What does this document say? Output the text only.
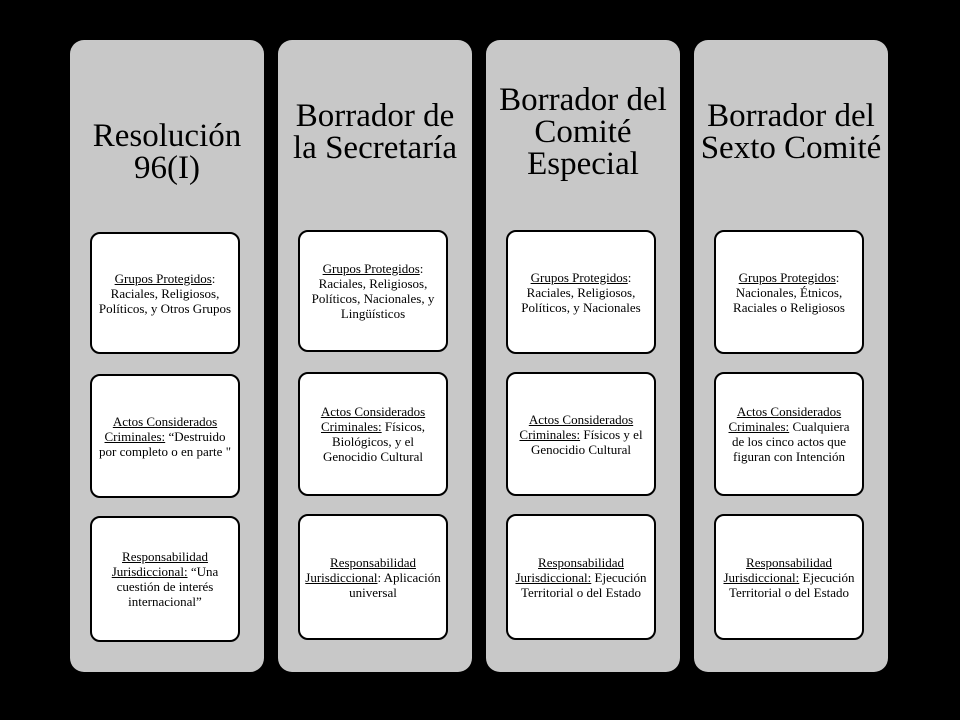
Resolución 96(I)
Grupos Protegidos: Raciales, Religiosos, Políticos, y Otros Grupos
Actos Considerados Criminales: “Destruido por completo o en parte "
Responsabilidad Jurisdiccional: “Una cuestión de interés internacional”
Borrador de la Secretaría
Grupos Protegidos: Raciales, Religiosos, Políticos, Nacionales, y Lingüísticos
Actos Considerados Criminales: Físicos, Biológicos, y el Genocidio Cultural
Responsabilidad Jurisdiccional: Aplicación universal
Borrador del Comité Especial
Grupos Protegidos: Raciales, Religiosos, Políticos, y Nacionales
Actos Considerados Criminales: Físicos y el Genocidio Cultural
Responsabilidad Jurisdiccional: Ejecución Territorial o del Estado
Borrador del Sexto Comité
Grupos Protegidos: Nacionales, Étnicos, Raciales o Religiosos
Actos Considerados Criminales: Cualquiera de los cinco actos que figuran con Intención
Responsabilidad Jurisdiccional: Ejecución Territorial o del Estado
